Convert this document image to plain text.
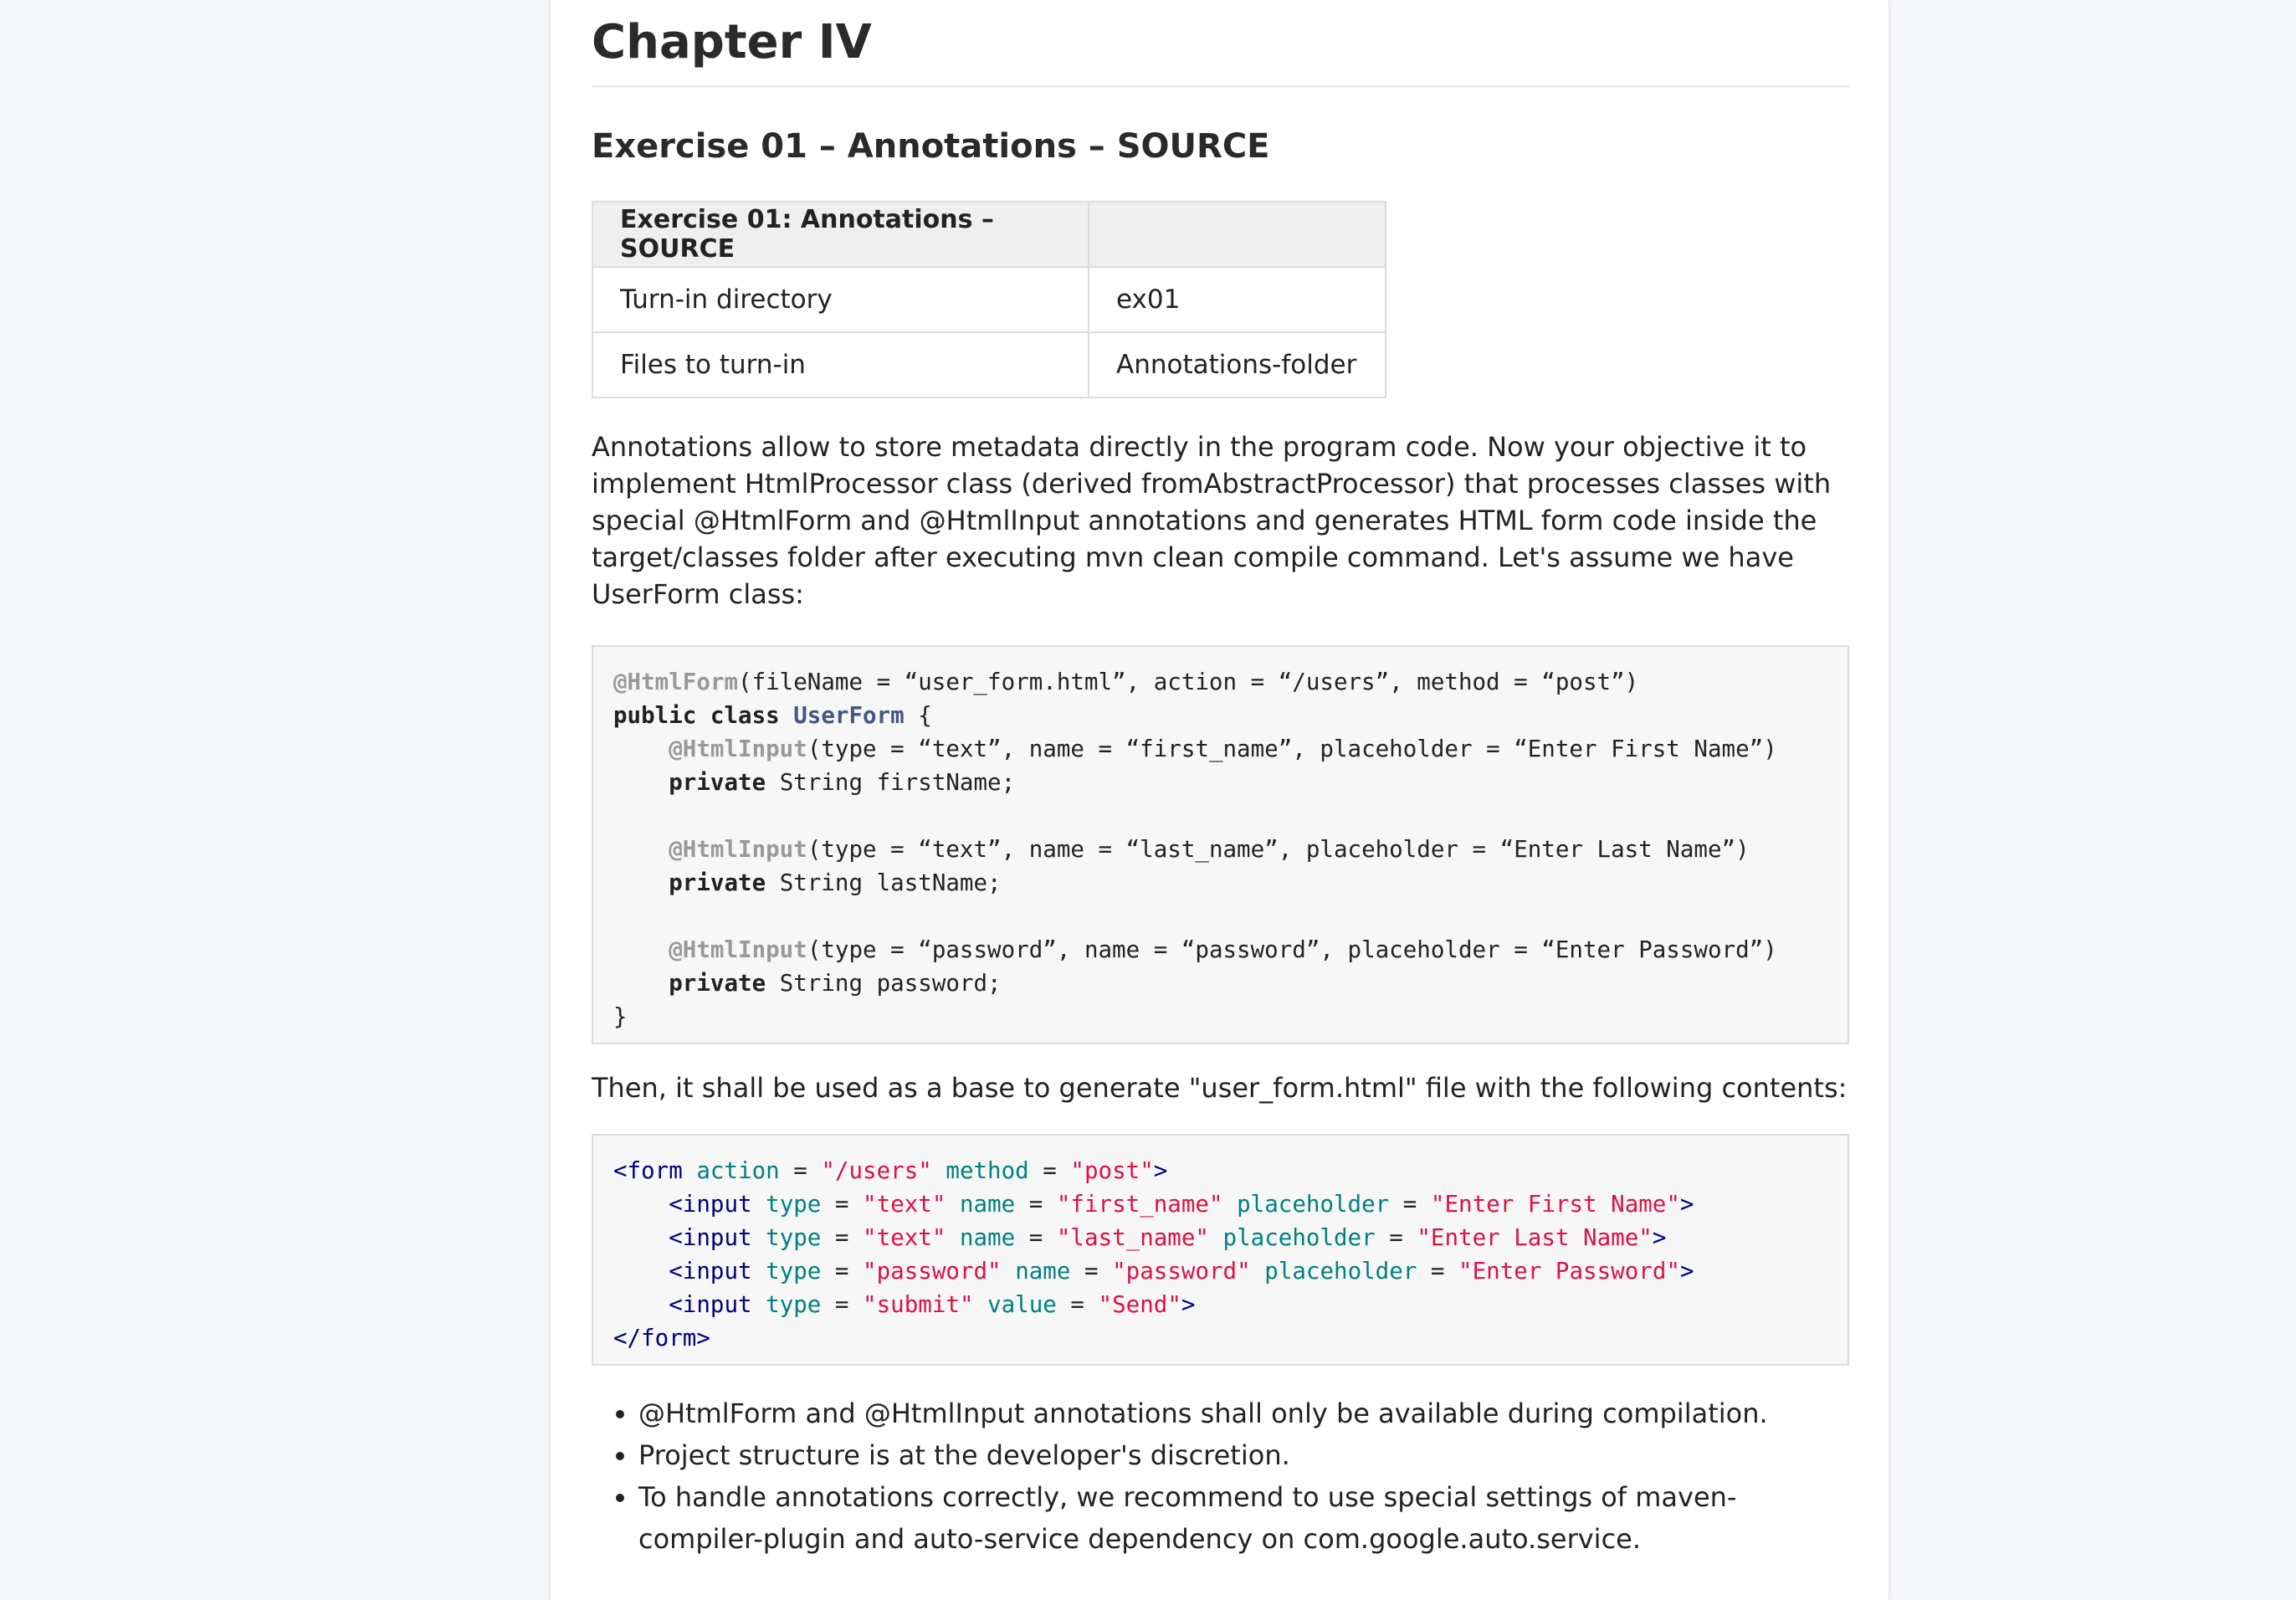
Chapter IV
Exercise 01 – Annotations – SOURCE
Exercise 01: Annotations – SOURCE	
Turn-in directory	ex01
Files to turn-in	Annotations-folder

Annotations allow to store metadata directly in the program code. Now your objective it to implement HtmlProcessor class (derived fromAbstractProcessor) that processes classes with special @HtmlForm and @HtmlInput annotations and generates HTML form code inside the target/classes folder after executing mvn clean compile command. Let's assume we have UserForm class:

@HtmlForm(fileName = “user_form.html”, action = “/users”, method = “post”)
public class UserForm {
@HtmlInput(type = “text”, name = “first_name”, placeholder = “Enter First Name”)
private String firstName;

@HtmlInput(type = “text”, name = “last_name”, placeholder = “Enter Last Name”)
private String lastName;

@HtmlInput(type = “password”, name = “password”, placeholder = “Enter Password”)
private String password;
}

Then, it shall be used as a base to generate "user_form.html" file with the following contents:

<form action = "/users" method = "post">
<input type = "text" name = "first_name" placeholder = "Enter First Name">
<input type = "text" name = "last_name" placeholder = "Enter Last Name">
<input type = "password" name = "password" placeholder = "Enter Password">
<input type = "submit" value = "Send">
</form>
• @HtmlForm and @HtmlInput annotations shall only be available during compilation.
• Project structure is at the developer's discretion.
• To handle annotations correctly, we recommend to use special settings of maven-compiler-plugin and auto-service dependency on com.google.auto.service.
